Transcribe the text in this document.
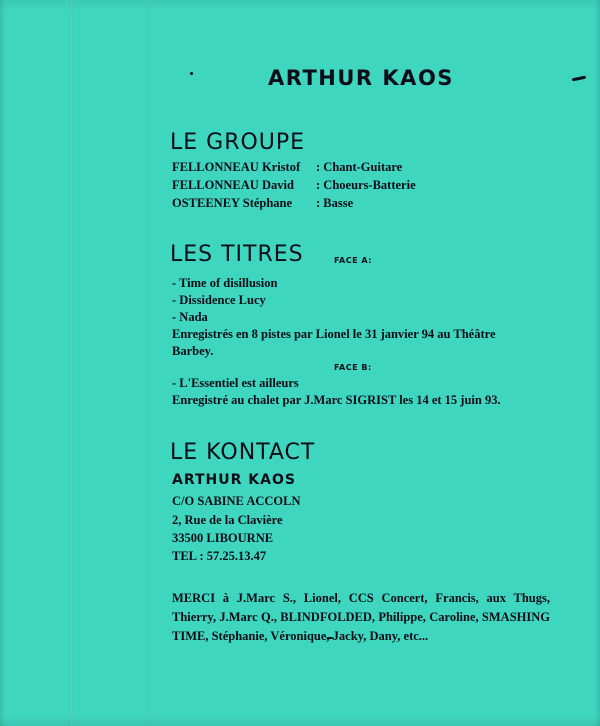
ARTHUR KAOS
LE GROUPE
FELLONNEAU Kristof : Chant-Guitare
FELLONNEAU David : Choeurs-Batterie
OSTEENEY Stéphane : Basse
LES TITRES	FACE A:

- Time of disillusion

- Dissidence Lucy

- Nada

Enregistrés en 8 pistes par Lionel le 31 janvier 94 au Théâtre

Barbey.

FACE B:

- L'Essentiel est ailleurs

Enregistré au chalet par J.Marc SIGRIST les 14 et 15 juin 93.

LE KONTACT
ARTHUR KAOS

C/O SABINE ACCOLN

2, Rue de la Clavière

33500 LIBOURNE

TEL : 57.25.13.47

MERCI à J.Marc S., Lionel, CCS Concert, Francis, aux Thugs, Thierry, J.Marc Q., BLINDFOLDED, Philippe, Caroline, SMASHING TIME, Stéphanie, Véronique, Jacky, Dany, etc...
